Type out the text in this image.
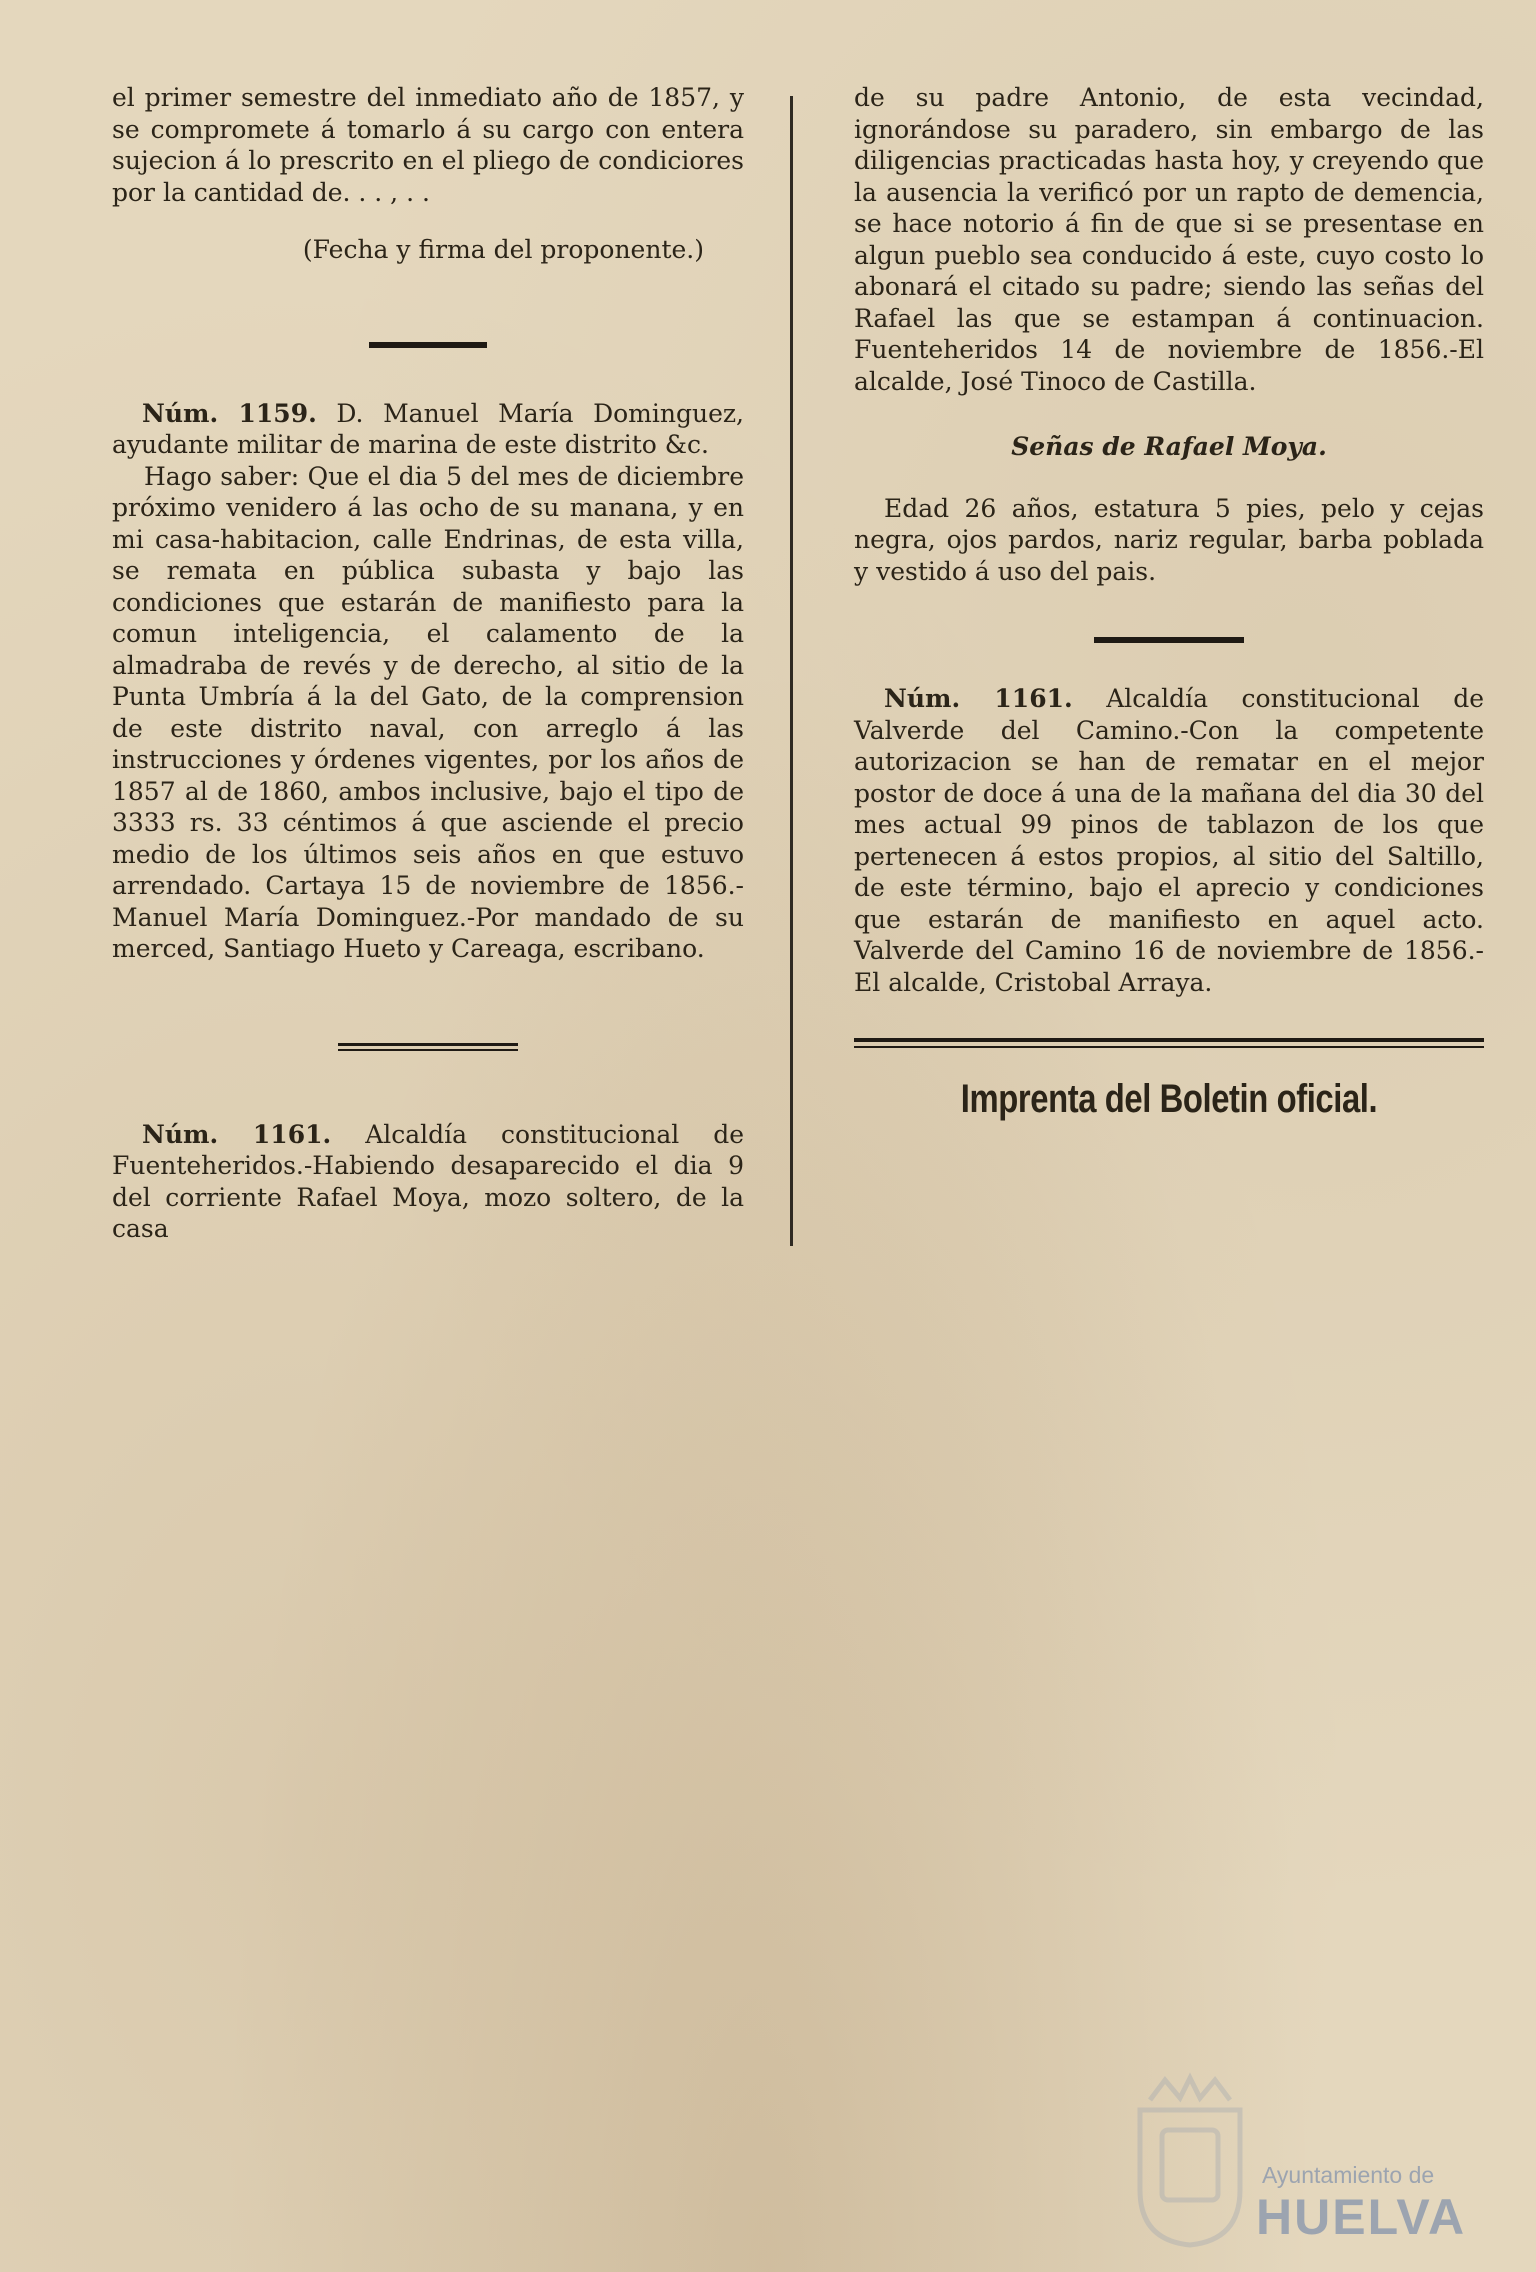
el primer semestre del inmediato año de 1857, y se compromete á tomarlo á su cargo con entera sujecion á lo prescrito en el pliego de condiciores por la cantidad de. . . , . .

(Fecha y firma del proponente.)

Núm. 1159. D. Manuel María Dominguez, ayudante militar de marina de este distrito &c.

Hago saber: Que el dia 5 del mes de diciembre próximo venidero á las ocho de su manana, y en mi casa-habitacion, calle Endrinas, de esta villa, se remata en pública subasta y bajo las condiciones que estarán de manifiesto para la comun inteligencia, el calamento de la almadraba de revés y de derecho, al sitio de la Punta Umbría á la del Gato, de la comprension de este distrito naval, con arreglo á las instrucciones y órdenes vigentes, por los años de 1857 al de 1860, ambos inclusive, bajo el tipo de 3333 rs. 33 céntimos á que asciende el precio medio de los últimos seis años en que estuvo arrendado. Cartaya 15 de noviembre de 1856.-Manuel María Dominguez.-Por mandado de su merced, Santiago Hueto y Careaga, escribano.

Núm. 1161. Alcaldía constitucional de Fuenteheridos.-Habiendo desaparecido el dia 9 del corriente Rafael Moya, mozo soltero, de la casa

de su padre Antonio, de esta vecindad, ignorándose su paradero, sin embargo de las diligencias practicadas hasta hoy, y creyendo que la ausencia la verificó por un rapto de demencia, se hace notorio á fin de que si se presentase en algun pueblo sea conducido á este, cuyo costo lo abonará el citado su padre; siendo las señas del Rafael las que se estampan á continuacion. Fuenteheridos 14 de noviembre de 1856.-El alcalde, José Tinoco de Castilla.

Señas de Rafael Moya.

Edad 26 años, estatura 5 pies, pelo y cejas negra, ojos pardos, nariz regular, barba poblada y vestido á uso del pais.

Núm. 1161. Alcaldía constitucional de Valverde del Camino.-Con la competente autorizacion se han de rematar en el mejor postor de doce á una de la mañana del dia 30 del mes actual 99 pinos de tablazon de los que pertenecen á estos propios, al sitio del Saltillo, de este término, bajo el aprecio y condiciones que estarán de manifiesto en aquel acto. Valverde del Camino 16 de noviembre de 1856.-El alcalde, Cristobal Arraya.

Imprenta del Boletin oficial.

Ayuntamiento de
HUELVA
